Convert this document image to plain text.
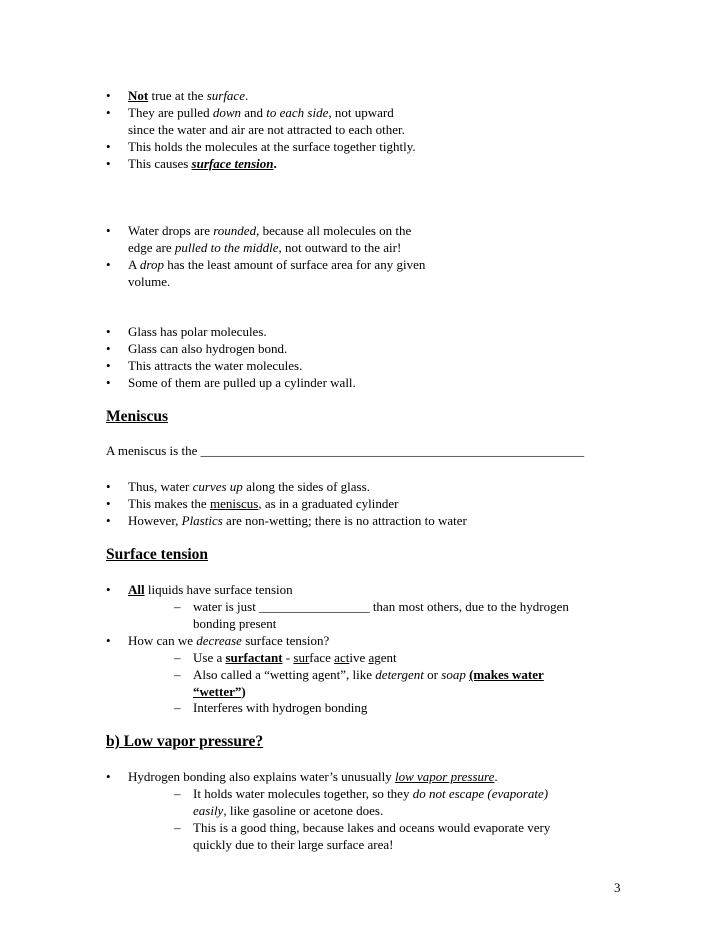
•	Not true at the surface.
•	They are pulled down and to each side, not upward
since the water and air are not attracted to each other.
•	This holds the molecules at the surface together tightly.
•	This causes surface tension.
•	Water drops are rounded, because all molecules on the
edge are pulled to the middle, not outward to the air!
•	A drop has the least amount of surface area for any given
volume.
•	Glass has polar molecules.
•	Glass can also hydrogen bond.
•	This attracts the water molecules.
•	Some of them are pulled up a cylinder wall.
Meniscus
A meniscus is the ___________________________________________________________
•	Thus, water curves up along the sides of glass.
•	This makes the meniscus, as in a graduated cylinder
•	However, Plastics are non-wetting; there is no attraction to water
Surface tension
•	All liquids have surface tension
– water is just _________________ than most others, due to the hydrogen
bonding present
•	How can we decrease surface tension?
– Use a surfactant - surface active agent
– Also called a “wetting agent”, like detergent or soap (makes water
“wetter”)
– Interferes with hydrogen bonding
b) Low vapor pressure?
•	Hydrogen bonding also explains water’s unusually low vapor pressure.
– It holds water molecules together, so they do not escape (evaporate)
easily, like gasoline or acetone does.
– This is a good thing, because lakes and oceans would evaporate very
quickly due to their large surface area!
3
